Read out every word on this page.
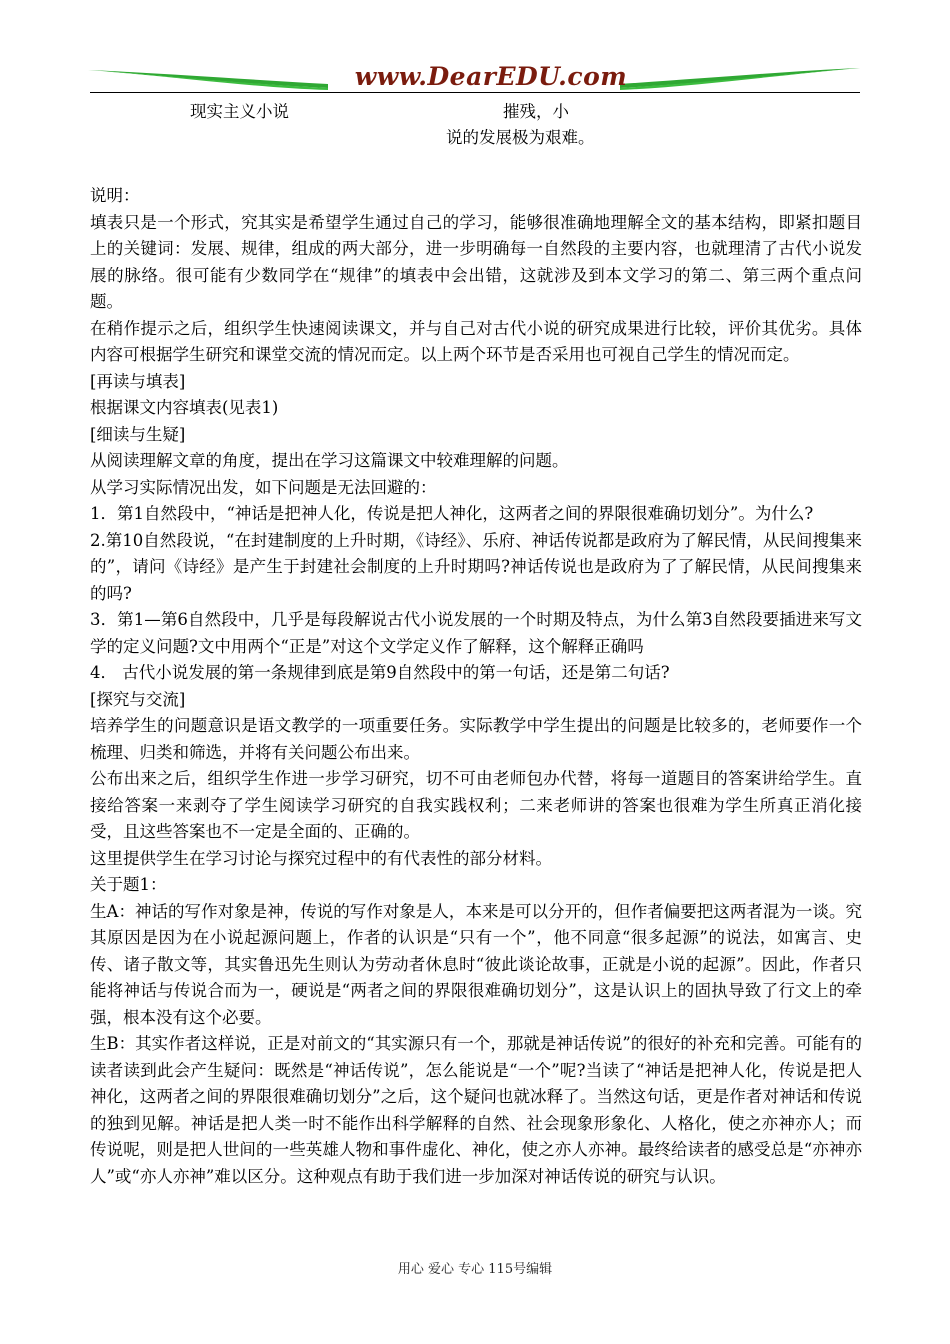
www.DearEDU.com
现实主义小说	摧残，小
说的发展极为艰难。

说明：

填表只是一个形式，究其实是希望学生通过自己的学习，能够很准确地理解全文的基本结构，即紧扣题目上的关键词：发展、规律，组成的两大部分，进一步明确每一自然段的主要内容，也就理清了古代小说发展的脉络。很可能有少数同学在“规律”的填表中会出错，这就涉及到本文学习的第二、第三两个重点问题。

在稍作提示之后，组织学生快速阅读课文，并与自己对古代小说的研究成果进行比较，评价其优劣。具体内容可根据学生研究和课堂交流的情况而定。以上两个环节是否采用也可视自己学生的情况而定。

[再读与填表]

根据课文内容填表(见表1)

[细读与生疑]

从阅读理解文章的角度，提出在学习这篇课文中较难理解的问题。

从学习实际情况出发，如下问题是无法回避的：

1．第1自然段中，“神话是把神人化，传说是把人神化，这两者之间的界限很难确切划分”。为什么?

2.第10自然段说，“在封建制度的上升时期，《诗经》、乐府、神话传说都是政府为了解民情，从民间搜集来的”，请问《诗经》是产生于封建社会制度的上升时期吗?神话传说也是政府为了了解民情，从民间搜集来的吗?

3．第1—第6自然段中，几乎是每段解说古代小说发展的一个时期及特点，为什么第3自然段要插进来写文学的定义问题?文中用两个“正是”对这个文学定义作了解释，这个解释正确吗

4． 古代小说发展的第一条规律到底是第9自然段中的第一句话，还是第二句话?

[探究与交流]

培养学生的问题意识是语文教学的一项重要任务。实际教学中学生提出的问题是比较多的，老师要作一个梳理、归类和筛选，并将有关问题公布出来。

公布出来之后，组织学生作进一步学习研究，切不可由老师包办代替，将每一道题目的答案讲给学生。直接给答案一来剥夺了学生阅读学习研究的自我实践权利；二来老师讲的答案也很难为学生所真正消化接受，且这些答案也不一定是全面的、正确的。

这里提供学生在学习讨论与探究过程中的有代表性的部分材料。

关于题1：

生A：神话的写作对象是神，传说的写作对象是人，本来是可以分开的，但作者偏要把这两者混为一谈。究其原因是因为在小说起源问题上，作者的认识是“只有一个”，他不同意“很多起源”的说法，如寓言、史传、诸子散文等，其实鲁迅先生则认为劳动者休息时“彼此谈论故事，正就是小说的起源”。因此，作者只能将神话与传说合而为一，硬说是“两者之间的界限很难确切划分”，这是认识上的固执导致了行文上的牵强，根本没有这个必要。

生B：其实作者这样说，正是对前文的“其实源只有一个，那就是神话传说”的很好的补充和完善。可能有的读者读到此会产生疑问：既然是“神话传说”，怎么能说是“一个”呢?当读了“神话是把神人化，传说是把人神化，这两者之间的界限很难确切划分”之后，这个疑问也就冰释了。当然这句话，更是作者对神话和传说的独到见解。神话是把人类一时不能作出科学解释的自然、社会现象形象化、人格化，使之亦神亦人；而传说呢，则是把人世间的一些英雄人物和事件虚化、神化，使之亦人亦神。最终给读者的感受总是“亦神亦人”或“亦人亦神”难以区分。这种观点有助于我们进一步加深对神话传说的研究与认识。

用心 爱心 专心 115号编辑
